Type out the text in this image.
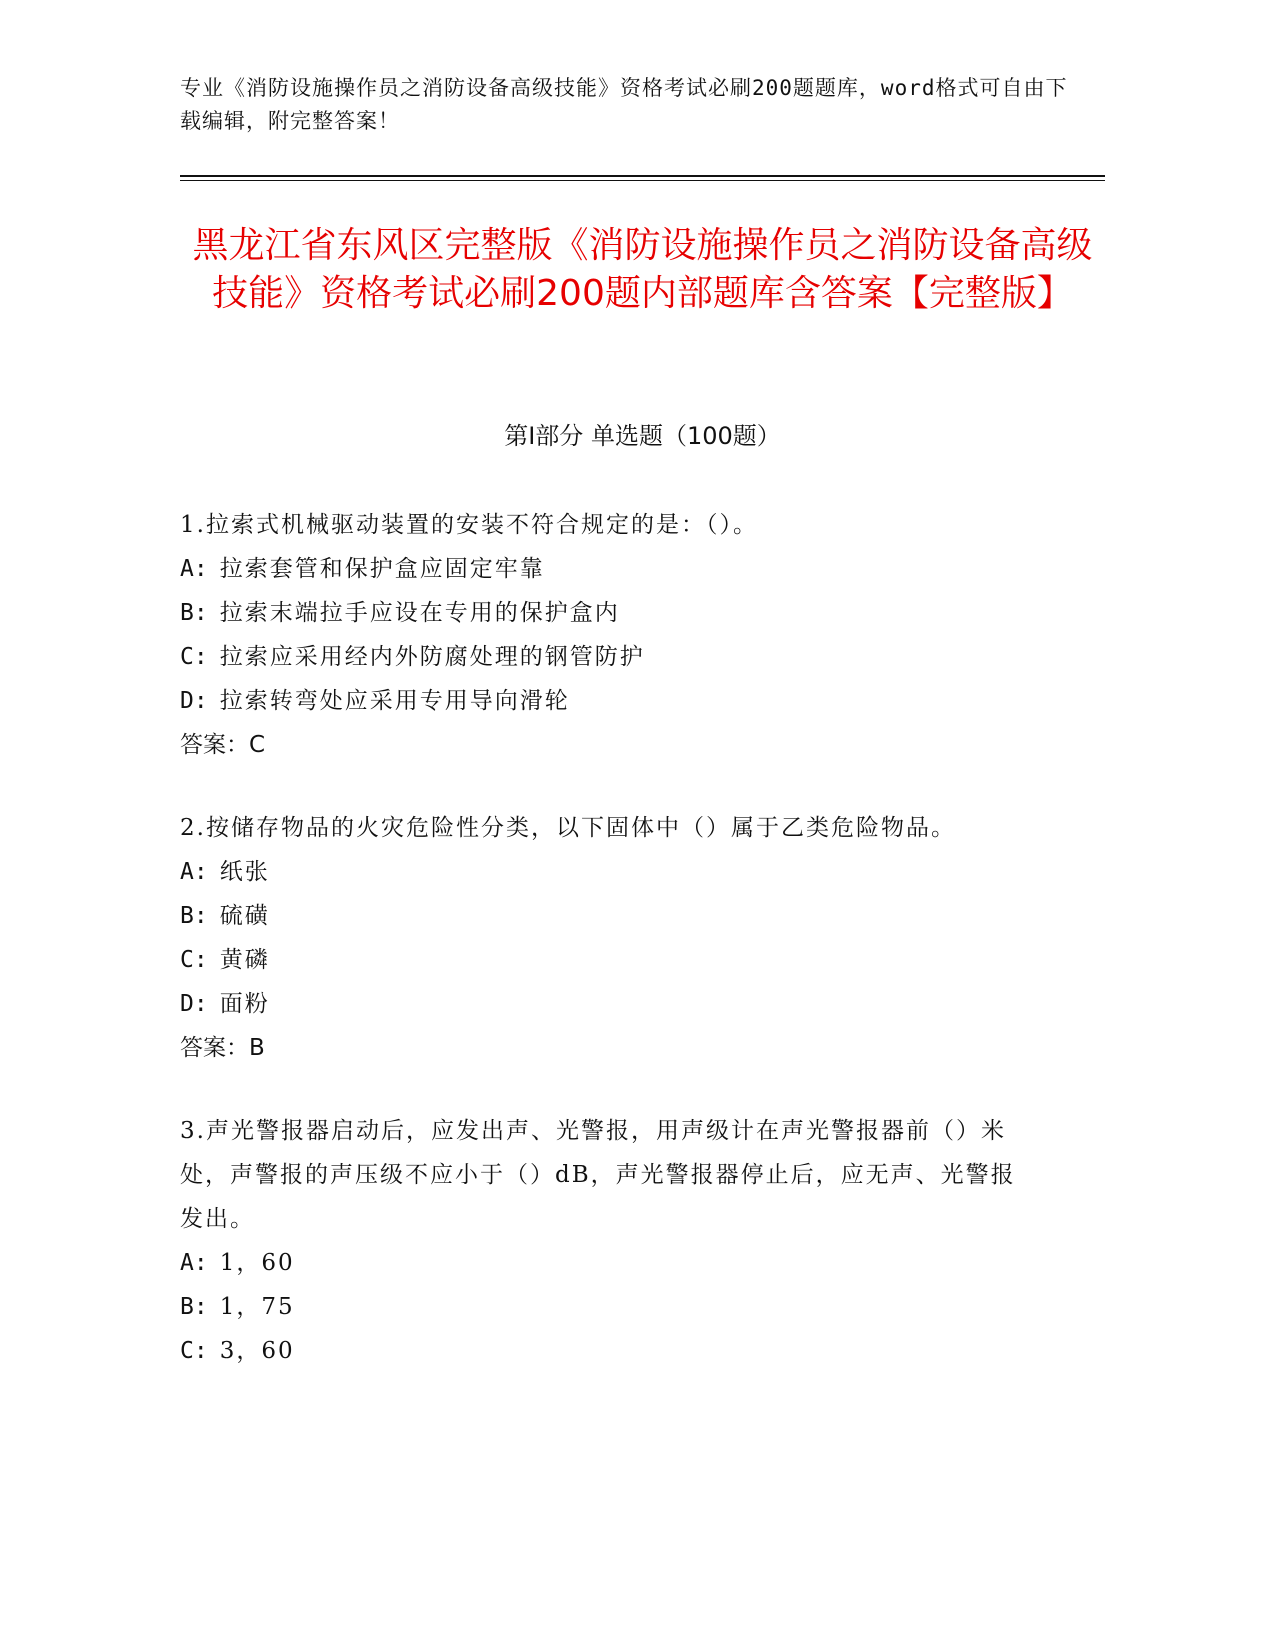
专业《消防设施操作员之消防设备高级技能》资格考试必刷200题题库，word格式可自由下载编辑，附完整答案！
黑龙江省东风区完整版《消防设施操作员之消防设备高级技能》资格考试必刷200题内部题库含答案【完整版】
第Ⅰ部分 单选题（100题）
1.拉索式机械驱动装置的安装不符合规定的是：（）。
A: 拉索套管和保护盒应固定牢靠
B: 拉索末端拉手应设在专用的保护盒内
C: 拉索应采用经内外防腐处理的钢管防护
D: 拉索转弯处应采用专用导向滑轮
答案：C
2.按储存物品的火灾危险性分类，以下固体中（）属于乙类危险物品。
A: 纸张
B: 硫磺
C: 黄磷
D: 面粉
答案：B
3.声光警报器启动后，应发出声、光警报，用声级计在声光警报器前（）米处，声警报的声压级不应小于（）dB，声光警报器停止后，应无声、光警报发出。
A: 1，60
B: 1，75
C: 3，60
